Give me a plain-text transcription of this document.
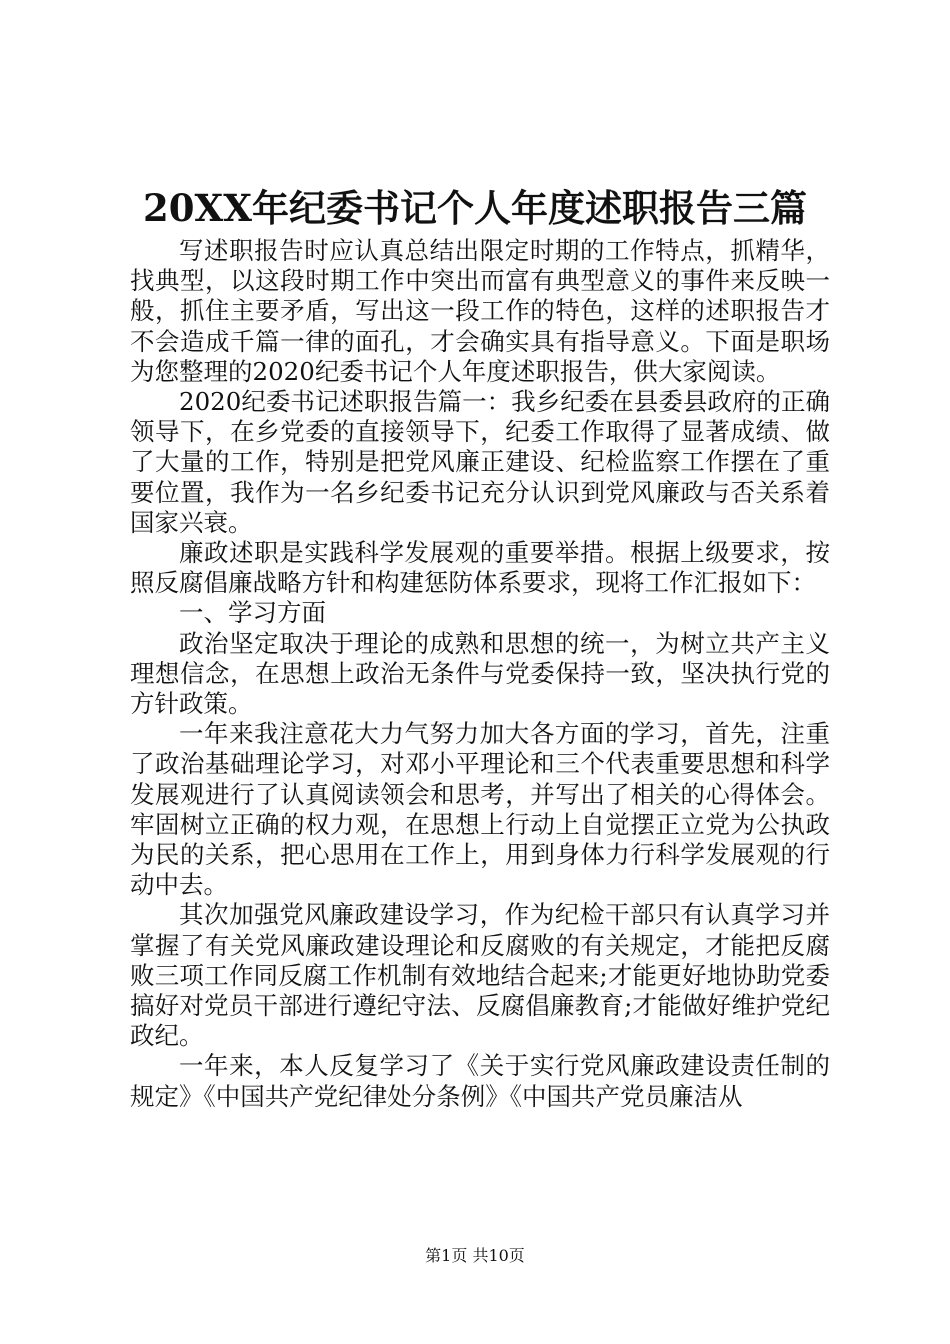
20XX年纪委书记个人年度述职报告三篇

写述职报告时应认真总结出限定时期的工作特点，抓精华，找典型，以这段时期工作中突出而富有典型意义的事件来反映一般，抓住主要矛盾，写出这一段工作的特色，这样的述职报告才不会造成千篇一律的面孔，才会确实具有指导意义。下面是职场为您整理的2020纪委书记个人年度述职报告，供大家阅读。

2020纪委书记述职报告篇一：我乡纪委在县委县政府的正确领导下，在乡党委的直接领导下，纪委工作取得了显著成绩、做了大量的工作，特别是把党风廉正建设、纪检监察工作摆在了重要位置，我作为一名乡纪委书记充分认识到党风廉政与否关系着国家兴衰。

廉政述职是实践科学发展观的重要举措。根据上级要求，按照反腐倡廉战略方针和构建惩防体系要求，现将工作汇报如下：

一、学习方面

政治坚定取决于理论的成熟和思想的统一，为树立共产主义理想信念，在思想上政治无条件与党委保持一致，坚决执行党的方针政策。

一年来我注意花大力气努力加大各方面的学习，首先，注重了政治基础理论学习，对邓小平理论和三个代表重要思想和科学发展观进行了认真阅读领会和思考，并写出了相关的心得体会。牢固树立正确的权力观，在思想上行动上自觉摆正立党为公执政为民的关系，把心思用在工作上，用到身体力行科学发展观的行动中去。

其次加强党风廉政建设学习，作为纪检干部只有认真学习并掌握了有关党风廉政建设理论和反腐败的有关规定，才能把反腐败三项工作同反腐工作机制有效地结合起来;才能更好地协助党委搞好对党员干部进行遵纪守法、反腐倡廉教育;才能做好维护党纪政纪。

一年来，本人反复学习了《关于实行党风廉政建设责任制的规定》《中国共产党纪律处分条例》《中国共产党员廉洁从

第1页 共10页
